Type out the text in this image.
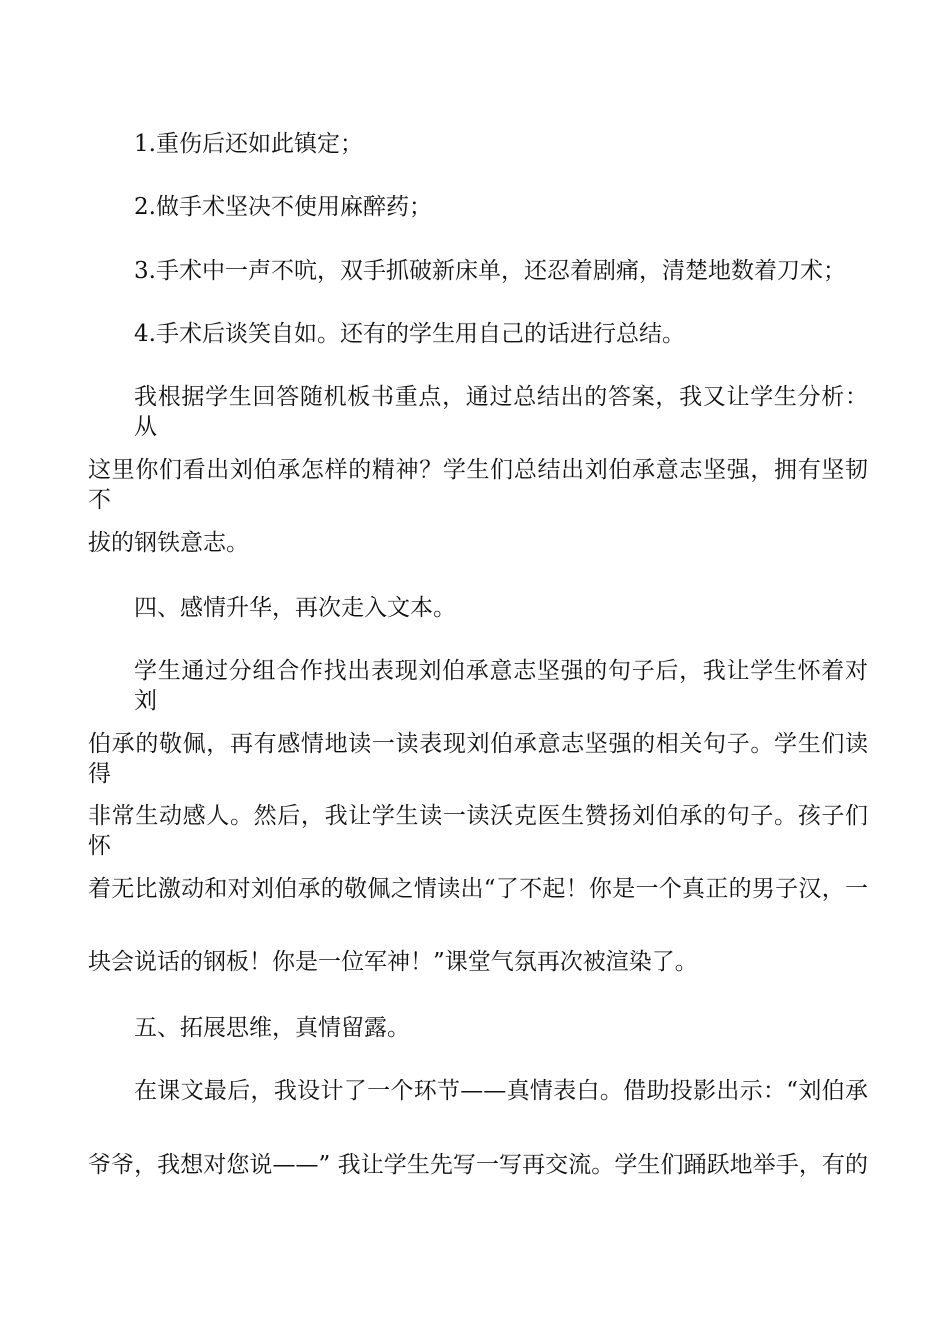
1.重伤后还如此镇定；

2.做手术坚决不使用麻醉药；

3.手术中一声不吭，双手抓破新床单，还忍着剧痛，清楚地数着刀术；

4.手术后谈笑自如。还有的学生用自己的话进行总结。

我根据学生回答随机板书重点，通过总结出的答案，我又让学生分析：从

这里你们看出刘伯承怎样的精神？学生们总结出刘伯承意志坚强，拥有坚韧不

拔的钢铁意志。

四、感情升华，再次走入文本。

学生通过分组合作找出表现刘伯承意志坚强的句子后，我让学生怀着对刘

伯承的敬佩，再有感情地读一读表现刘伯承意志坚强的相关句子。学生们读得

非常生动感人。然后，我让学生读一读沃克医生赞扬刘伯承的句子。孩子们怀

着无比激动和对刘伯承的敬佩之情读出“了不起！你是一个真正的男子汉，一

块会说话的钢板！你是一位军神！”课堂气氛再次被渲染了。

五、拓展思维，真情留露。

在课文最后，我设计了一个环节——真情表白。借助投影出示：“刘伯承

爷爷，我想对您说——” 我让学生先写一写再交流。学生们踊跃地举手，有的
